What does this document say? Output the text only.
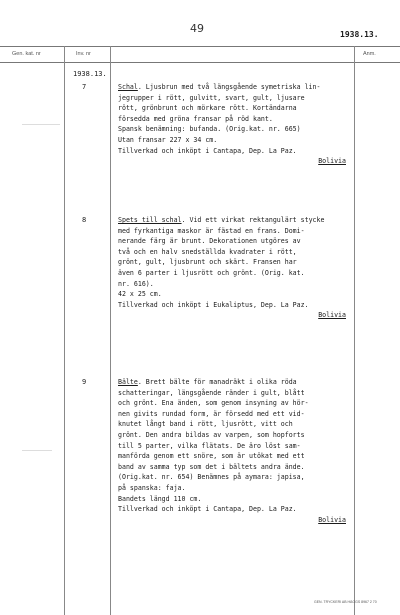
49	1938.13.
Gen. kat. nr	Inv. nr	Anm.
1938.13.
7	Schal. Ljusbrun med två längsgående symetriska lin-
jegrupper i rött, gulvitt, svart, gult, ljusare
rött, grönbrunt och mörkare rött. Kortändarna
försedda med gröna fransar på röd kant.
Spansk benämning: bufanda. (Orig.kat. nr. 665)
Utan fransar 227 x 34 cm.
Tillverkad och inköpt i Cantapa, Dep. La Paz.
Bolivia
8	Spets till schal. Vid ett virkat rektangulärt stycke
med fyrkantiga maskor är fästad en frans. Domi-
nerande färg är brunt. Dekorationen utgöres av
två och en halv snedställda kvadrater i rött,
grönt, gult, ljusbrunt och skärt. Fransen har
även 6 parter i ljusrött och grönt. (Orig. kat.
nr. 616).
42 x 25 cm.
Tillverkad och inköpt i Eukaliptus, Dep. La Paz.
Bolivia
9	Bälte. Brett bälte för manadräkt i olika röda
schatteringar, längsgående ränder i gult, blått
och grönt. Ena änden, som genom insyning av hör-
nen givits rundad form, är försedd med ett vid-
knutet långt band i rött, ljusrött, vitt och
grönt. Den andra bildas av varpen, som hopforts
till 5 parter, vilka flätats. De äro löst sam-
manförda genom ett snöre, som är utökat med ett
band av samma typ som det i bältets andra ände.
(Orig.kat. nr. 654) Benämnes på aymara: japisa,
på spanska: faja.
Bandets längd 110 cm.
Tillverkad och inköpt i Cantapa, Dep. La Paz.
Bolivia
GEN. TRYCKERI AB HÄGGS 8967 2 70
